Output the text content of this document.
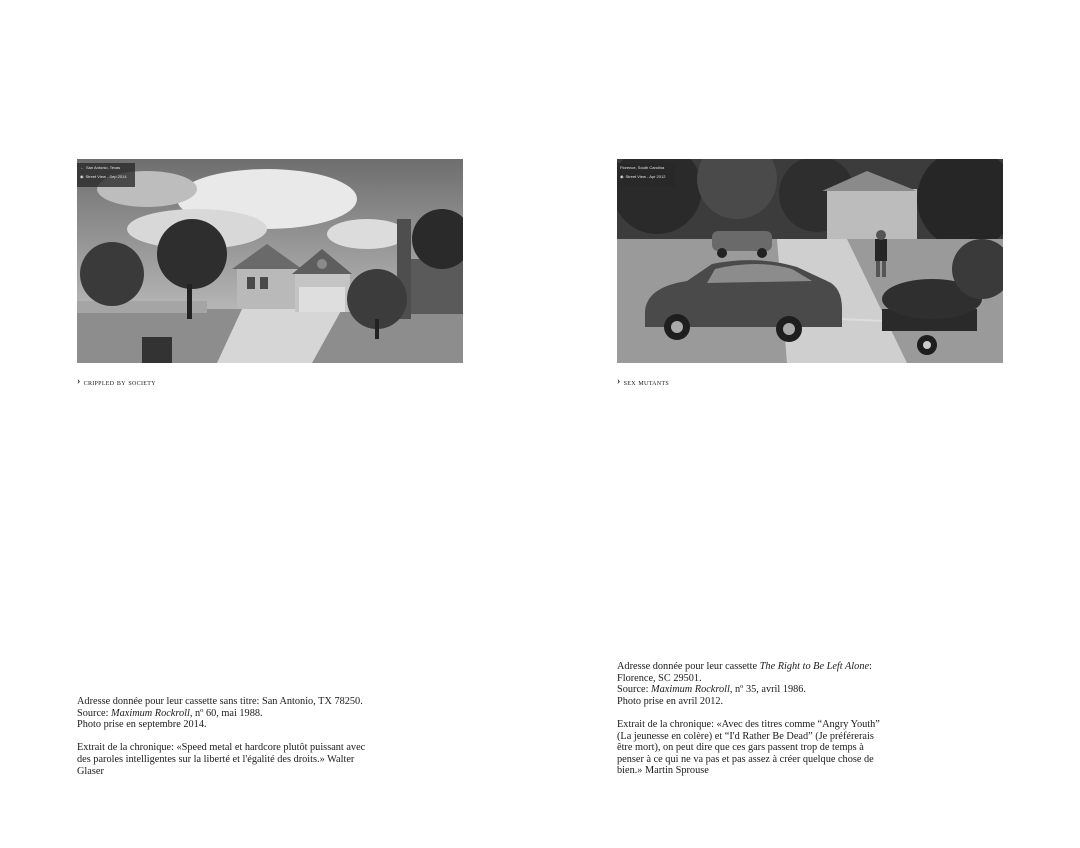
← San Antonio, Texas
◉ Street View - Sep 2014
› crippled by society

Adresse donnée pour leur cassette sans titre: San Antonio, TX 78250.

Source: Maximum Rockroll, nº 60, mai 1988.

Photo prise en septembre 2014.

Extrait de la chronique: «Speed metal et hardcore plutôt puissant avec des paroles intelligentes sur la liberté et l'égalité des droits.» Walter Glaser

Florence, South Carolina
◉ Street View - Apr 2012
› sex mutants

Adresse donnée pour leur cassette The Right to Be Left Alone: Florence, SC 29501.

Source: Maximum Rockroll, nº 35, avril 1986.

Photo prise en avril 2012.

Extrait de la chronique: «Avec des titres comme “Angry Youth” (La jeunesse en colère) et “I'd Rather Be Dead” (Je préférerais être mort), on peut dire que ces gars passent trop de temps à penser à ce qui ne va pas et pas assez à créer quelque chose de bien.» Martin Sprouse
